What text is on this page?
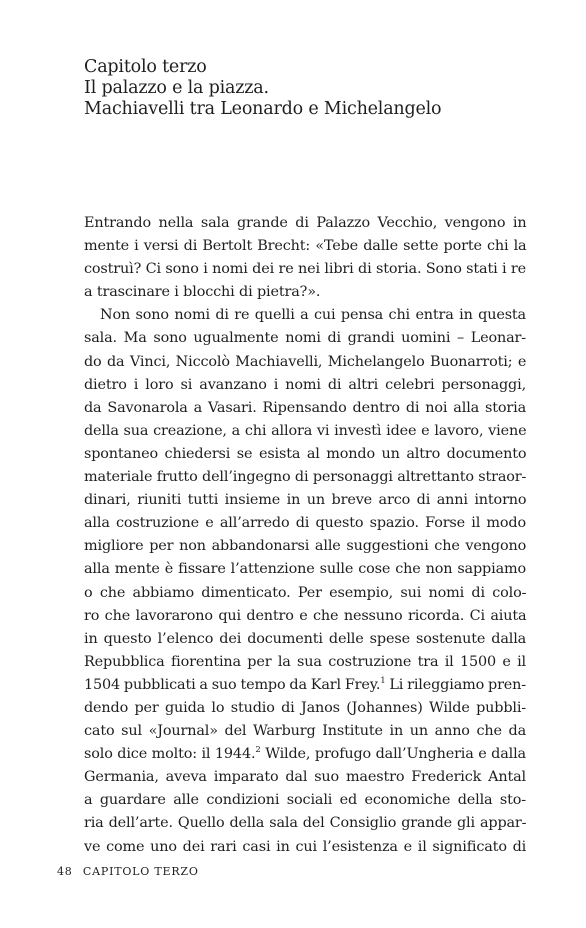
Capitolo terzo
Il palazzo e la piazza.
Machiavelli tra Leonardo e Michelangelo
Entrando nella sala grande di Palazzo Vecchio, vengono in
mente i versi di Bertolt Brecht: «Tebe dalle sette porte chi la
costruì? Ci sono i nomi dei re nei libri di storia. Sono stati i re
a trascinare i blocchi di pietra?».
Non sono nomi di re quelli a cui pensa chi entra in questa
sala. Ma sono ugualmente nomi di grandi uomini – Leonar-
do da Vinci, Niccolò Machiavelli, Michelangelo Buonarroti; e
dietro i loro si avanzano i nomi di altri celebri personaggi,
da Savonarola a Vasari. Ripensando dentro di noi alla storia
della sua creazione, a chi allora vi investì idee e lavoro, viene
spontaneo chiedersi se esista al mondo un altro documento
materiale frutto dell’ingegno di personaggi altrettanto straor-
dinari, riuniti tutti insieme in un breve arco di anni intorno
alla costruzione e all’arredo di questo spazio. Forse il modo
migliore per non abbandonarsi alle suggestioni che vengono
alla mente è fissare l’attenzione sulle cose che non sappiamo
o che abbiamo dimenticato. Per esempio, sui nomi di colo-
ro che lavorarono qui dentro e che nessuno ricorda. Ci aiuta
in questo l’elenco dei documenti delle spese sostenute dalla
Repubblica fiorentina per la sua costruzione tra il 1500 e il
1504 pubblicati a suo tempo da Karl Frey.$^1$ Li rileggiamo pren-
dendo per guida lo studio di Janos (Johannes) Wilde pubbli-
cato sul «Journal» del Warburg Institute in un anno che da
solo dice molto: il 1944.$^2$ Wilde, profugo dall’Ungheria e dalla
Germania, aveva imparato dal suo maestro Frederick Antal
a guardare alle condizioni sociali ed economiche della sto-
ria dell’arte. Quello della sala del Consiglio grande gli appar-
ve come uno dei rari casi in cui l’esistenza e il significato di
48 CAPITOLO TERZO
